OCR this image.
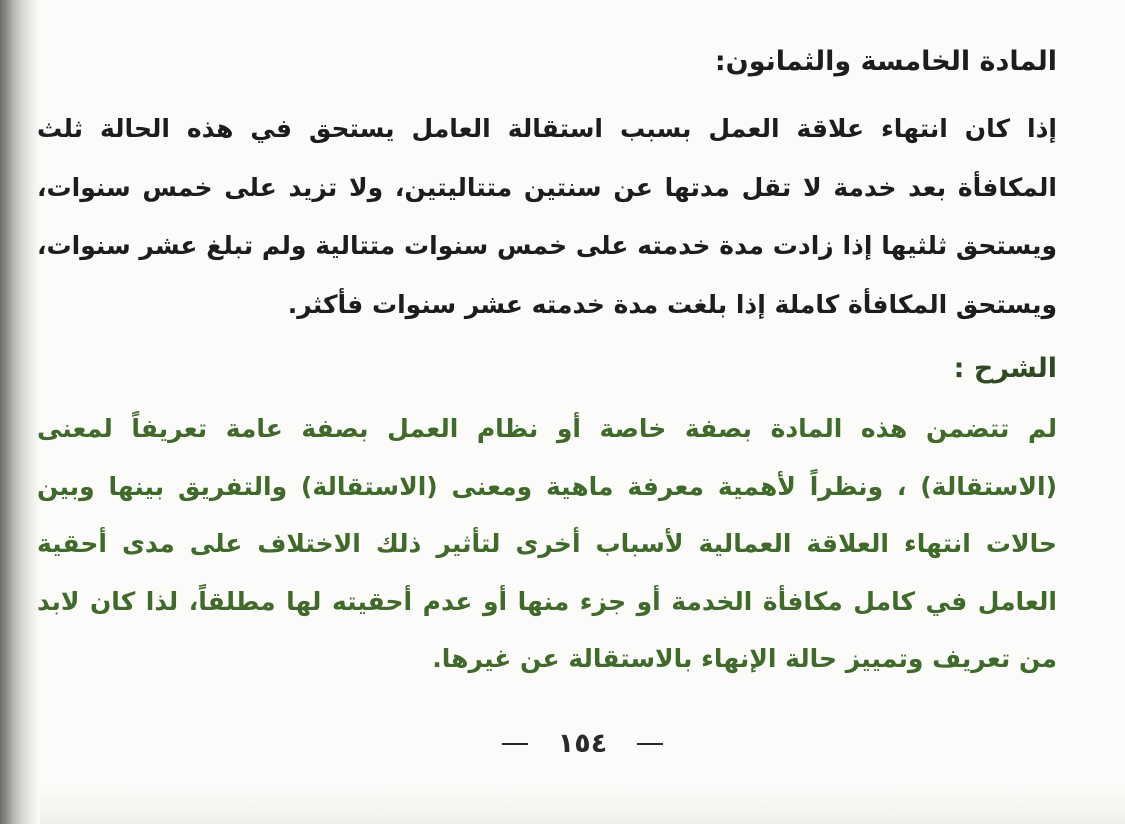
المادة الخامسة والثمانون:
إذا كان انتهاء علاقة العمل بسبب استقالة العامل يستحق في هذه الحالة ثلث المكافأة بعد خدمة لا تقل مدتها عن سنتين متتاليتين، ولا تزيد على خمس سنوات، ويستحق ثلثيها إذا زادت مدة خدمته على خمس سنوات متتالية ولم تبلغ عشر سنوات، ويستحق المكافأة كاملة إذا بلغت مدة خدمته عشر سنوات فأكثر.
الشرح :
لم تتضمن هذه المادة بصفة خاصة أو نظام العمل بصفة عامة تعريفاً لمعنى (الاستقالة) ، ونظراً لأهمية معرفة ماهية ومعنى (الاستقالة) والتفريق بينها وبين حالات انتهاء العلاقة العمالية لأسباب أخرى لتأثير ذلك الاختلاف على مدى أحقية العامل في كامل مكافأة الخدمة أو جزء منها أو عدم أحقيته لها مطلقاً، لذا كان لابد من تعريف وتمييز حالة الإنهاء بالاستقالة عن غيرها.
١٥٤
